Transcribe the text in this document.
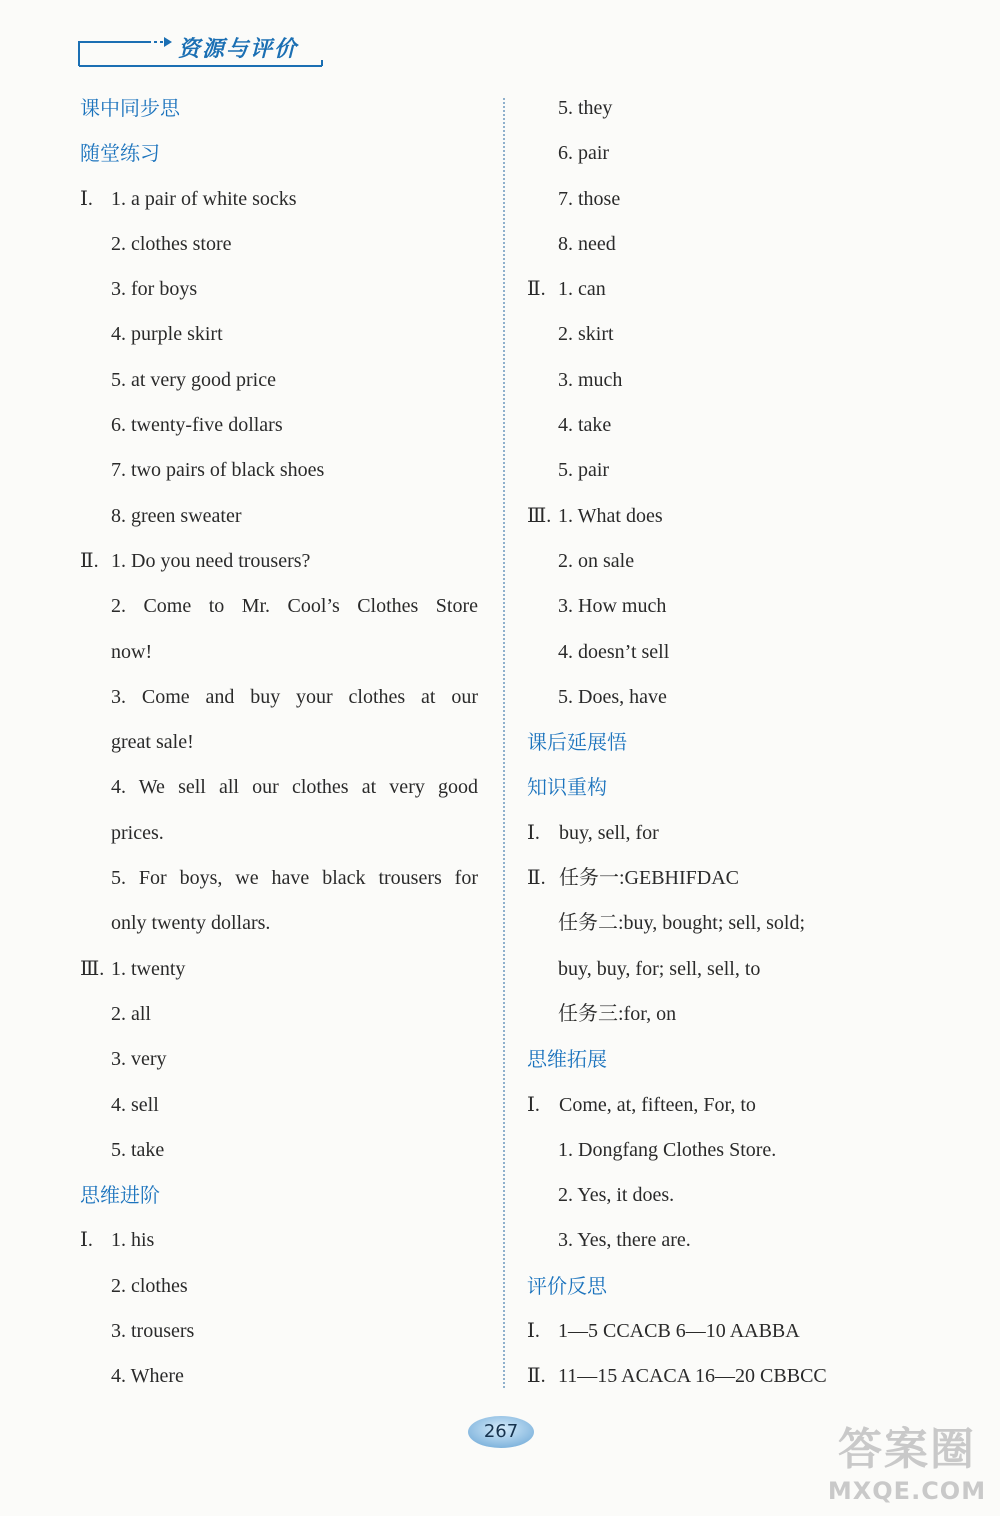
资源与评价
课中同步思
随堂练习
Ⅰ. 1. a pair of white socks
2. clothes store
3. for boys
4. purple skirt
5. at very good price
6. twenty-five dollars
7. two pairs of black shoes
8. green sweater
Ⅱ. 1. Do you need trousers?
2. Come to Mr. Cool’s Clothes Store
now!
3. Come and buy your clothes at our
great sale!
4. We sell all our clothes at very good
prices.
5. For boys, we have black trousers for
only twenty dollars.
Ⅲ. 1. twenty
2. all
3. very
4. sell
5. take
思维进阶
Ⅰ. 1. his
2. clothes
3. trousers
4. Where
5. they
6. pair
7. those
8. need
Ⅱ. 1. can
2. skirt
3. much
4. take
5. pair
Ⅲ. 1. What does
2. on sale
3. How much
4. doesn’t sell
5. Does, have
课后延展悟
知识重构
Ⅰ. buy, sell, for
Ⅱ. 任务一:GEBHIFDAC
任务二:buy, bought; sell, sold;
buy, buy, for; sell, sell, to
任务三:for, on
思维拓展
Ⅰ. Come, at, fifteen, For, to
1. Dongfang Clothes Store.
2. Yes, it does.
3. Yes, there are.
评价反思
Ⅰ. 1—5 CCACB 6—10 AABBA
Ⅱ. 11—15 ACACA 16—20 CBBCC
267	答案圈
MXQE.COM
